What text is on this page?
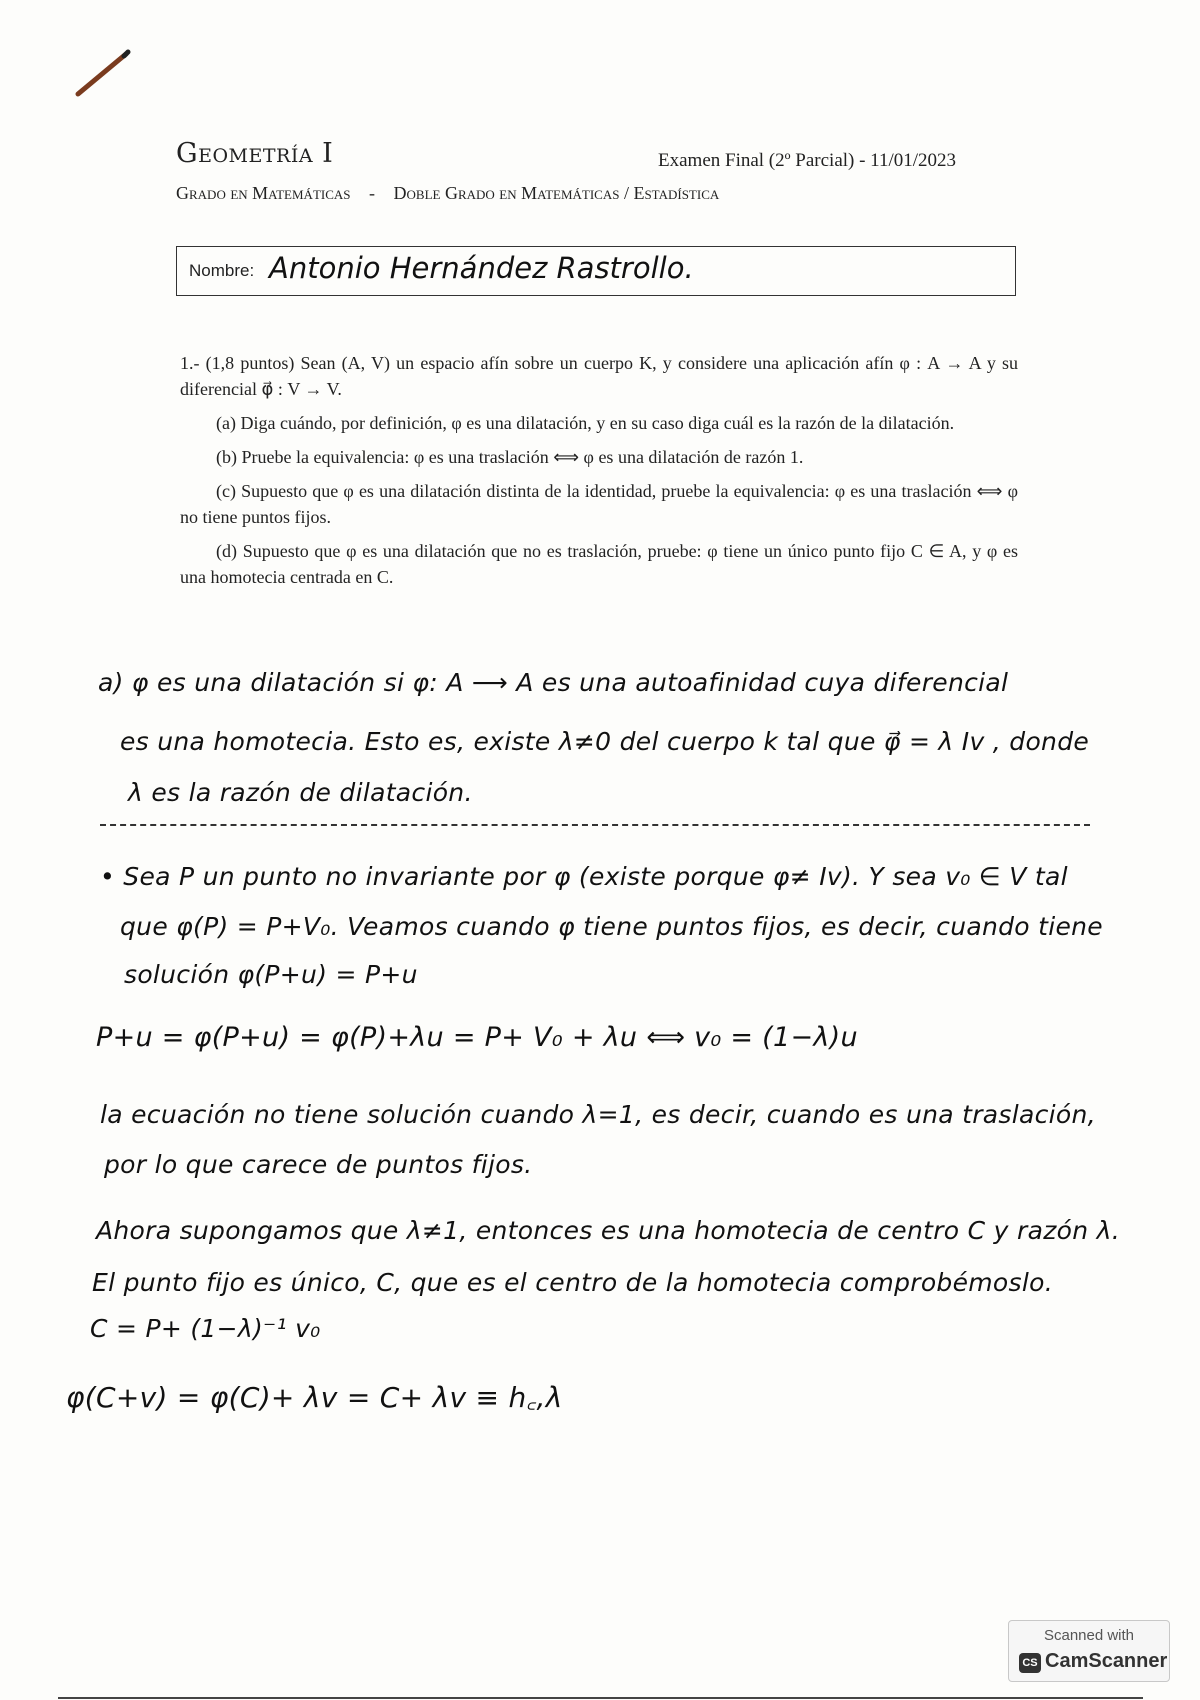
Geometría I	Examen Final (2º Parcial) - 11/01/2023
Grado en Matemáticas - Doble Grado en Matemáticas / Estadística
Nombre: Antonio Hernández Rastrollo.

1.- (1,8 puntos) Sean (A, V) un espacio afín sobre un cuerpo K, y considere una aplicación afín φ : A → A y su diferencial φ⃗ : V → V.

(a) Diga cuándo, por definición, φ es una dilatación, y en su caso diga cuál es la razón de la dilatación.

(b) Pruebe la equivalencia: φ es una traslación ⟺ φ es una dilatación de razón 1.

(c) Supuesto que φ es una dilatación distinta de la identidad, pruebe la equivalencia: φ es una traslación ⟺ φ no tiene puntos fijos.

(d) Supuesto que φ es una dilatación que no es traslación, pruebe: φ tiene un único punto fijo C ∈ A, y φ es una homotecia centrada en C.

a) φ es una dilatación si φ: A ⟶ A es una autoafinidad cuya diferencial
es una homotecia. Esto es, existe λ≠0 del cuerpo k tal que φ⃗ = λ Iv , donde
λ es la razón de dilatación.
• Sea P un punto no invariante por φ (existe porque φ≠ Iv). Y sea v₀ ∈ V tal
que φ(P) = P+V₀. Veamos cuando φ tiene puntos fijos, es decir, cuando tiene
solución φ(P+u) = P+u
P+u = φ(P+u) = φ(P)+λu = P+ V₀ + λu ⟺ v₀ = (1−λ)u
la ecuación no tiene solución cuando λ=1, es decir, cuando es una traslación,
por lo que carece de puntos fijos.
Ahora supongamos que λ≠1, entonces es una homotecia de centro C y razón λ.
El punto fijo es único, C, que es el centro de la homotecia comprobémoslo.
C = P+ (1−λ)⁻¹ v₀
φ(C+v) = φ(C)+ λv = C+ λv ≡ h꜀,λ
Scanned with
CS CamScanner
